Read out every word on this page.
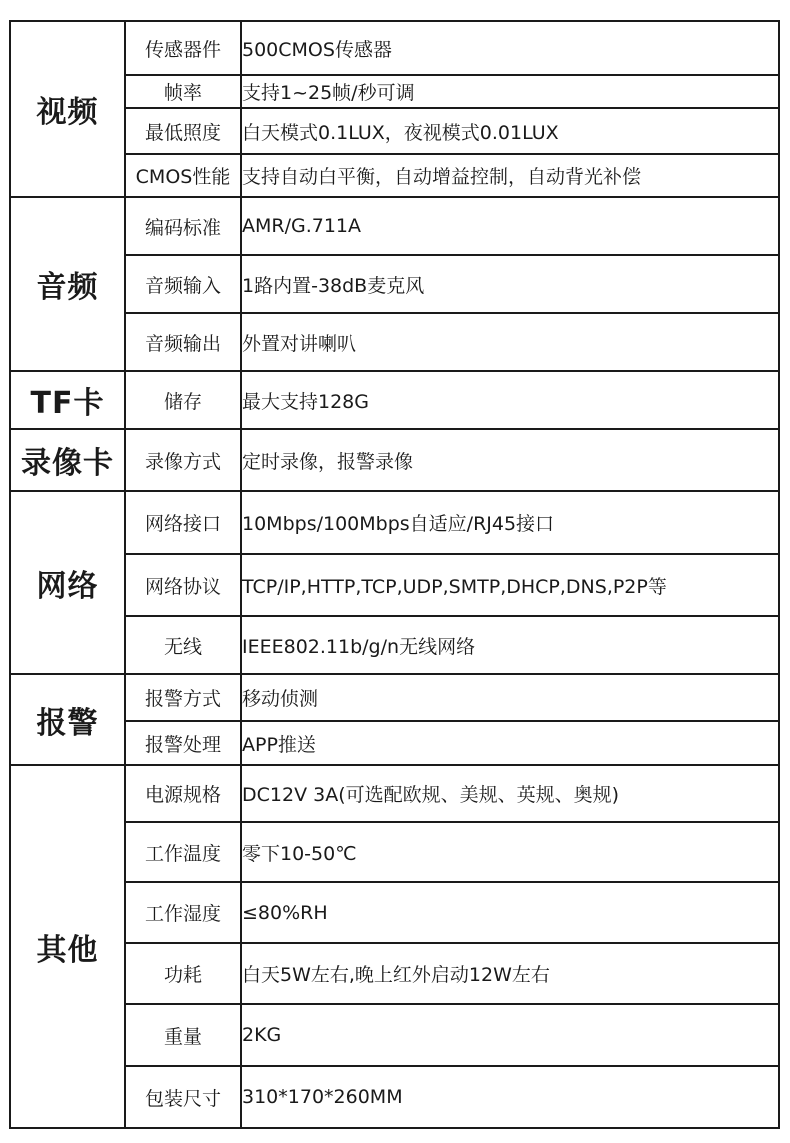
视频	传感器件	500CMOS传感器
	帧率	支持1~25帧/秒可调
	最低照度	白天模式0.1LUX，夜视模式0.01LUX
	CMOS性能	支持自动白平衡，自动增益控制，自动背光补偿
音频	编码标准	AMR/G.711A
	音频输入	1路内置-38dB麦克风
	音频输出	外置对讲喇叭
TF卡	储存	最大支持128G
录像卡	录像方式	定时录像，报警录像
网络	网络接口	10Mbps/100Mbps自适应/RJ45接口
	网络协议	TCP/IP,HTTP,TCP,UDP,SMTP,DHCP,DNS,P2P等
	无线	IEEE802.11b/g/n无线网络
报警	报警方式	移动侦测
	报警处理	APP推送
其他	电源规格	DC12V 3A(可选配欧规、美规、英规、奥规)
	工作温度	零下10-50℃
	工作湿度	≤80%RH
	功耗	白天5W左右,晚上红外启动12W左右
	重量	2KG
	包装尺寸	310*170*260MM
